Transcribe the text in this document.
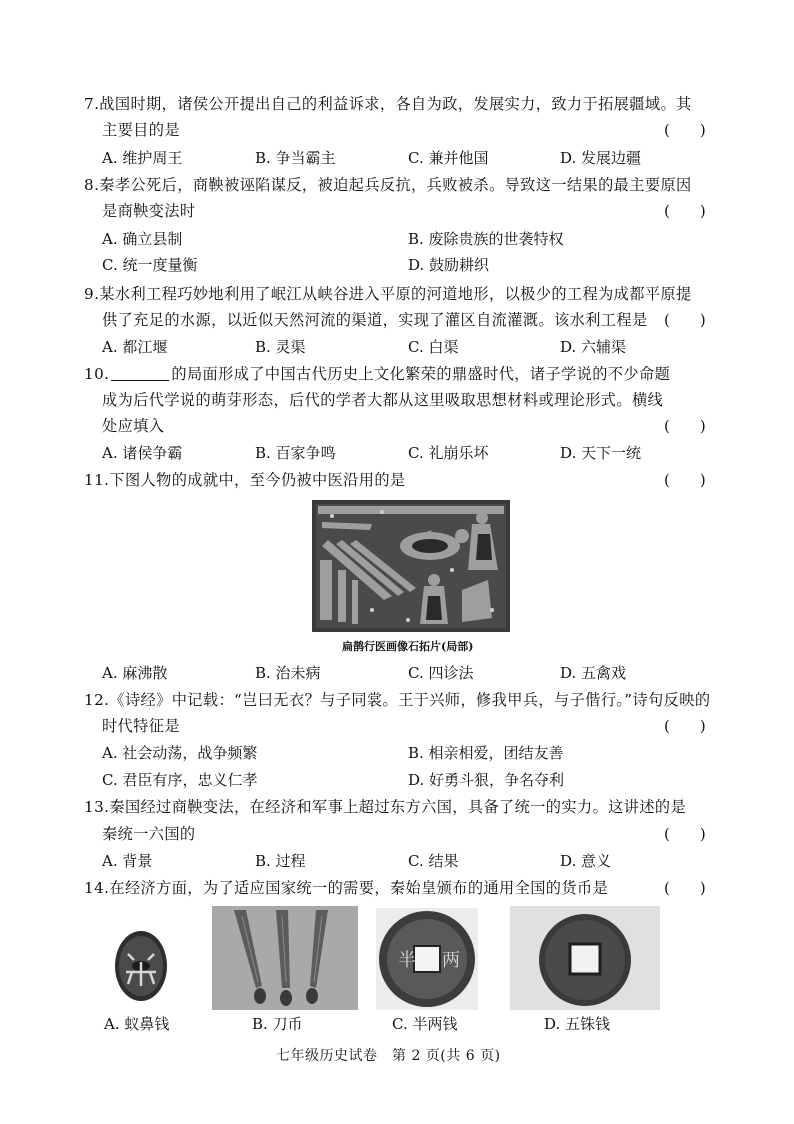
7.战国时期，诸侯公开提出自己的利益诉求，各自为政，发展实力，致力于拓展疆域。其
主要目的是	(　　)
A. 维护周王	B. 争当霸主	C. 兼并他国	D. 发展边疆
8.秦孝公死后，商鞅被诬陷谋反，被迫起兵反抗，兵败被杀。导致这一结果的最主要原因
是商鞅变法时	(　　)
A. 确立县制	B. 废除贵族的世袭特权
C. 统一度量衡	D. 鼓励耕织
9.某水利工程巧妙地利用了岷江从峡谷进入平原的河道地形，以极少的工程为成都平原提
供了充足的水源，以近似天然河流的渠道，实现了灌区自流灌溉。该水利工程是 (　　)
A. 都江堰	B. 灵渠	C. 白渠	D. 六辅渠
10.	的局面形成了中国古代历史上文化繁荣的鼎盛时代，诸子学说的不少命题
成为后代学说的萌芽形态，后代的学者大都从这里吸取思想材料或理论形式。横线
处应填入	(　　)
A. 诸侯争霸	B. 百家争鸣	C. 礼崩乐坏	D. 天下一统
11.下图人物的成就中，至今仍被中医沿用的是	(　　)
扁鹊行医画像石拓片(局部)
A. 麻沸散	B. 治未病	C. 四诊法	D. 五禽戏
12.《诗经》中记载：“岂曰无衣？与子同裳。王于兴师，修我甲兵，与子偕行。”诗句反映的
时代特征是	(　　)
A. 社会动荡，战争频繁	B. 相亲相爱，团结友善
C. 君臣有序，忠义仁孝	D. 好勇斗狠，争名夺利
13.秦国经过商鞅变法，在经济和军事上超过东方六国，具备了统一的实力。这讲述的是
秦统一六国的	(　　)
A. 背景	B. 过程	C. 结果	D. 意义
14.在经济方面，为了适应国家统一的需要，秦始皇颁布的通用全国的货币是	(　　)
半 两
A. 蚁鼻钱	B. 刀币	C. 半两钱	D. 五铢钱
七年级历史试卷　第 2 页(共 6 页)
